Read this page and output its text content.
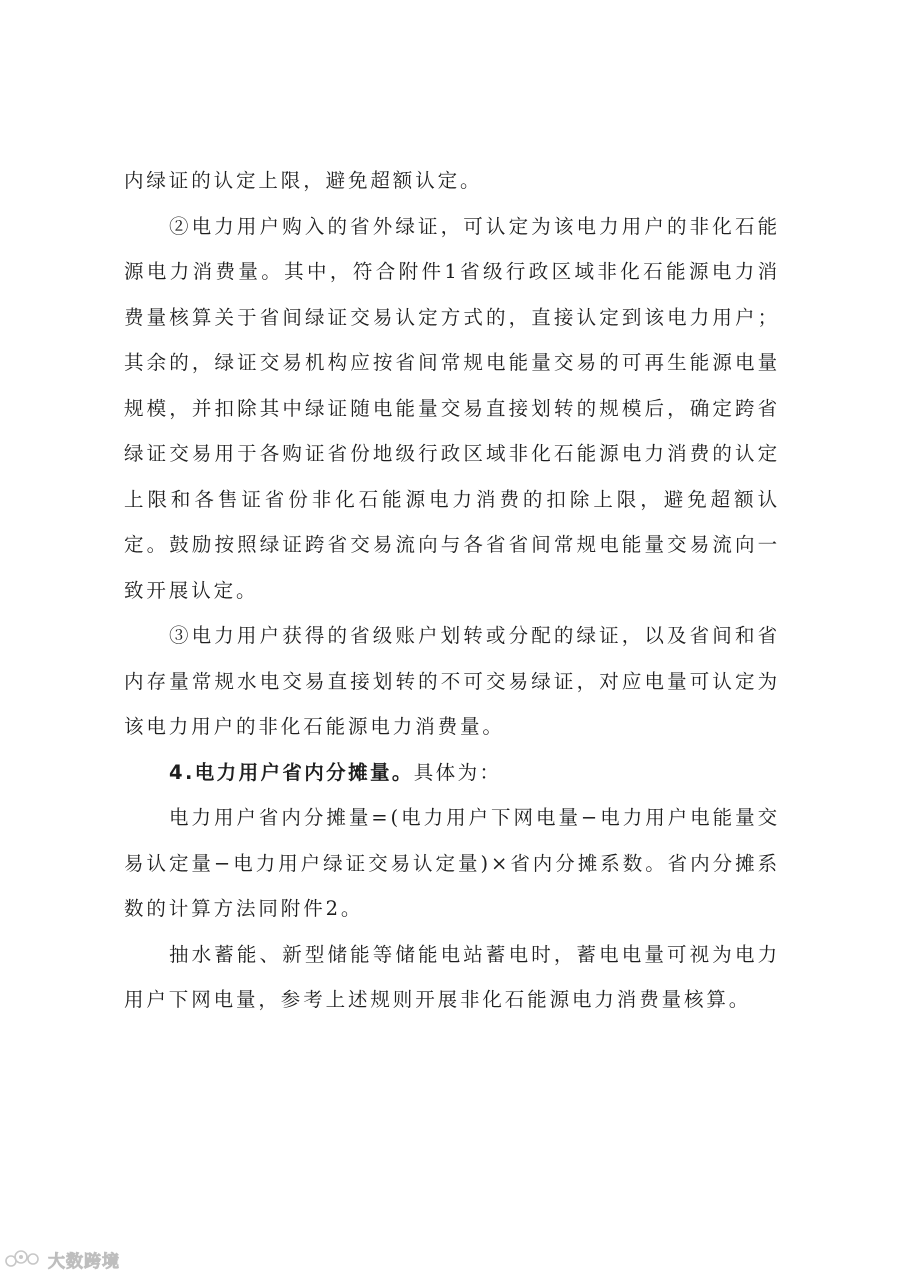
内绿证的认定上限，避免超额认定。

②电力用户购入的省外绿证，可认定为该电力用户的非化石能源电力消费量。其中，符合附件1省级行政区域非化石能源电力消费量核算关于省间绿证交易认定方式的，直接认定到该电力用户；其余的，绿证交易机构应按省间常规电能量交易的可再生能源电量规模，并扣除其中绿证随电能量交易直接划转的规模后，确定跨省绿证交易用于各购证省份地级行政区域非化石能源电力消费的认定上限和各售证省份非化石能源电力消费的扣除上限，避免超额认定。鼓励按照绿证跨省交易流向与各省省间常规电能量交易流向一致开展认定。

③电力用户获得的省级账户划转或分配的绿证，以及省间和省内存量常规水电交易直接划转的不可交易绿证，对应电量可认定为该电力用户的非化石能源电力消费量。

4.电力用户省内分摊量。具体为：

电力用户省内分摊量=(电力用户下网电量−电力用户电能量交易认定量−电力用户绿证交易认定量)×省内分摊系数。省内分摊系数的计算方法同附件2。

抽水蓄能、新型储能等储能电站蓄电时，蓄电电量可视为电力用户下网电量，参考上述规则开展非化石能源电力消费量核算。

大数跨境
